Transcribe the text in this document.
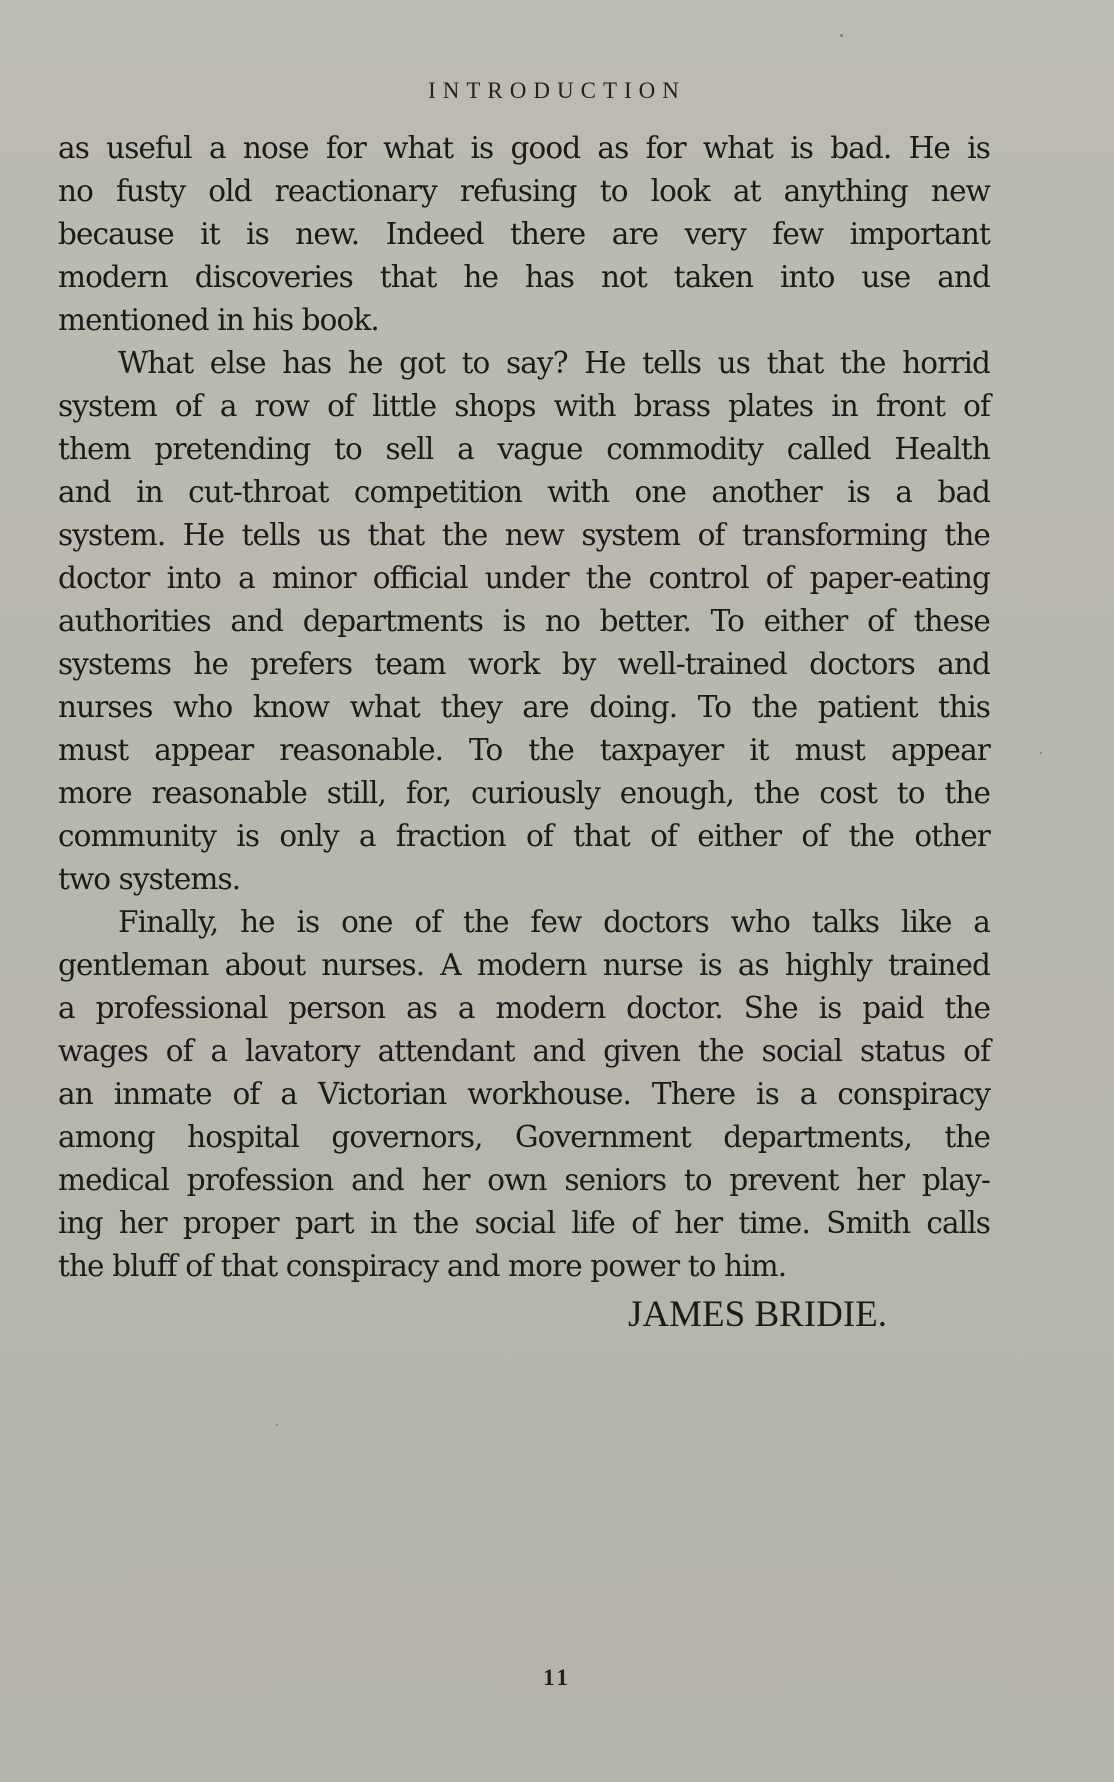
INTRODUCTION
as useful a nose for what is good as for what is bad. He is
no fusty old reactionary refusing to look at anything new
because it is new. Indeed there are very few important
modern discoveries that he has not taken into use and
mentioned in his book.
What else has he got to say? He tells us that the horrid
system of a row of little shops with brass plates in front of
them pretending to sell a vague commodity called Health
and in cut-throat competition with one another is a bad
system. He tells us that the new system of transforming the
doctor into a minor official under the control of paper-eating
authorities and departments is no better. To either of these
systems he prefers team work by well-trained doctors and
nurses who know what they are doing. To the patient this
must appear reasonable. To the taxpayer it must appear
more reasonable still, for, curiously enough, the cost to the
community is only a fraction of that of either of the other
two systems.
Finally, he is one of the few doctors who talks like a
gentleman about nurses. A modern nurse is as highly trained
a professional person as a modern doctor. She is paid the
wages of a lavatory attendant and given the social status of
an inmate of a Victorian workhouse. There is a conspiracy
among hospital governors, Government departments, the
medical profession and her own seniors to prevent her play-
ing her proper part in the social life of her time. Smith calls
the bluff of that conspiracy and more power to him.
JAMES BRIDIE.
11
